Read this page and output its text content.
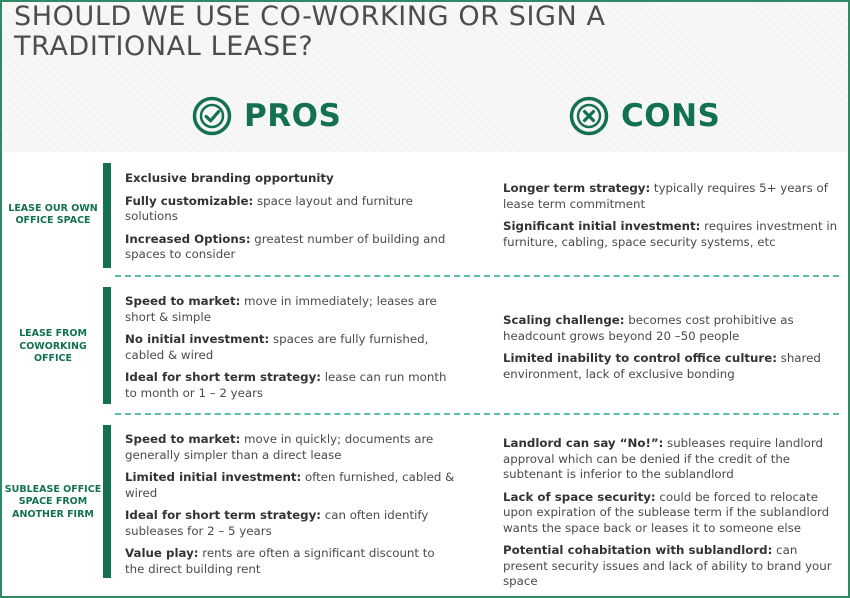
SHOULD WE USE CO-WORKING OR SIGN A
TRADITIONAL LEASE?
PROS	CONS
LEASE OUR OWN OFFICE SPACE

Exclusive branding opportunity

Fully customizable: space layout and furniture solutions

Increased Options: greatest number of building and spaces to consider

Longer term strategy: typically requires 5+ years of lease term commitment

Significant initial investment: requires investment in furniture, cabling, space security systems, etc

LEASE FROM COWORKING OFFICE

Speed to market: move in immediately; leases are short & simple

No initial investment: spaces are fully furnished, cabled & wired

Ideal for short term strategy: lease can run month to month or 1 – 2 years

Scaling challenge: becomes cost prohibitive as headcount grows beyond 20 –50 people

Limited inability to control office culture: shared environment, lack of exclusive bonding

SUBLEASE OFFICE SPACE FROM ANOTHER FIRM

Speed to market: move in quickly; documents are generally simpler than a direct lease

Limited initial investment: often furnished, cabled & wired

Ideal for short term strategy: can often identify subleases for 2 – 5 years

Value play: rents are often a significant discount to the direct building rent

Landlord can say “No!”: subleases require landlord approval which can be denied if the credit of the subtenant is inferior to the sublandlord

Lack of space security: could be forced to relocate upon expiration of the sublease term if the sublandlord wants the space back or leases it to someone else

Potential cohabitation with sublandlord: can present security issues and lack of ability to brand your space
